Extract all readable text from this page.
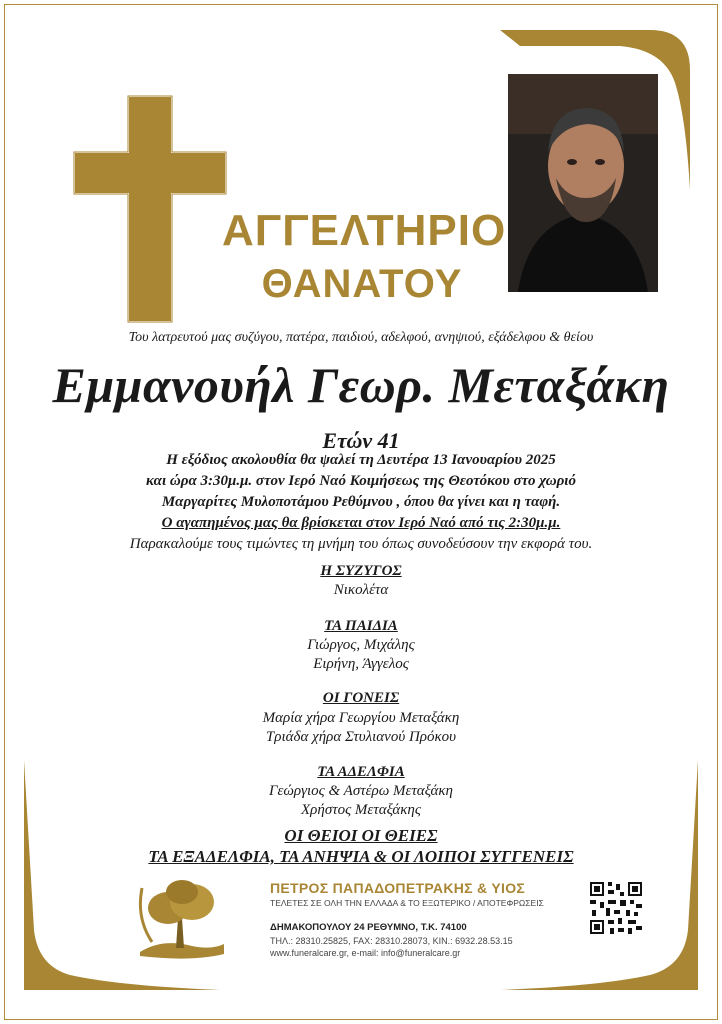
ΑΓΓΕΛΤΗΡΙΟ
ΘΑΝΑΤΟΥ
Του λατρευτού μας συζύγου, πατέρα, παιδιού, αδελφού, ανηψιού, εξάδελφου & θείου
Εμμανουήλ Γεωρ. Μεταξάκη
Ετών 41
Η εξόδιος ακολουθία θα ψαλεί τη Δευτέρα 13 Ιανουαρίου 2025
και ώρα 3:30μ.μ. στον Ιερό Ναό Κοιμήσεως της Θεοτόκου στο χωριό
Μαργαρίτες Μυλοποτάμου Ρεθύμνου , όπου θα γίνει και η ταφή.
Ο αγαπημένος μας θα βρίσκεται στον Ιερό Ναό από τις 2:30μ.μ.
Παρακαλούμε τους τιμώντες τη μνήμη του όπως συνοδεύσουν την εκφορά του.
Η ΣΥΖΥΓΟΣ
Νικολέτα
ΤΑ ΠΑΙΔΙΑ
Γιώργος, Μιχάλης
Ειρήνη, Άγγελος
ΟΙ ΓΟΝΕΙΣ
Μαρία χήρα Γεωργίου Μεταξάκη
Τριάδα χήρα Στυλιανού Πρόκου
ΤΑ ΑΔΕΛΦΙΑ
Γεώργιος & Αστέρω Μεταξάκη
Χρήστος Μεταξάκης
ΟΙ ΘΕΙΟΙ ΟΙ ΘΕΙΕΣ
ΤΑ ΕΞΑΔΕΛΦΙΑ, ΤΑ ΑΝΗΨΙΑ & ΟΙ ΛΟΙΠΟΙ ΣΥΓΓΕΝΕΙΣ
ΠΕΤΡΟΣ ΠΑΠΑΔΟΠΕΤΡΑΚΗΣ & ΥΙΟΣ
ΤΕΛΕΤΕΣ ΣΕ ΟΛΗ ΤΗΝ ΕΛΛΑΔΑ & ΤΟ ΕΞΩΤΕΡΙΚΟ / ΑΠΟΤΕΦΡΩΣΕΙΣ
ΔΗΜΑΚΟΠΟΥΛΟΥ 24 ΡΕΘΥΜΝΟ, Τ.Κ. 74100
ΤΗΛ.: 28310.25825, FAX: 28310.28073, ΚΙΝ.: 6932.28.53.15
www.funeralcare.gr, e-mail: info@funeralcare.gr
